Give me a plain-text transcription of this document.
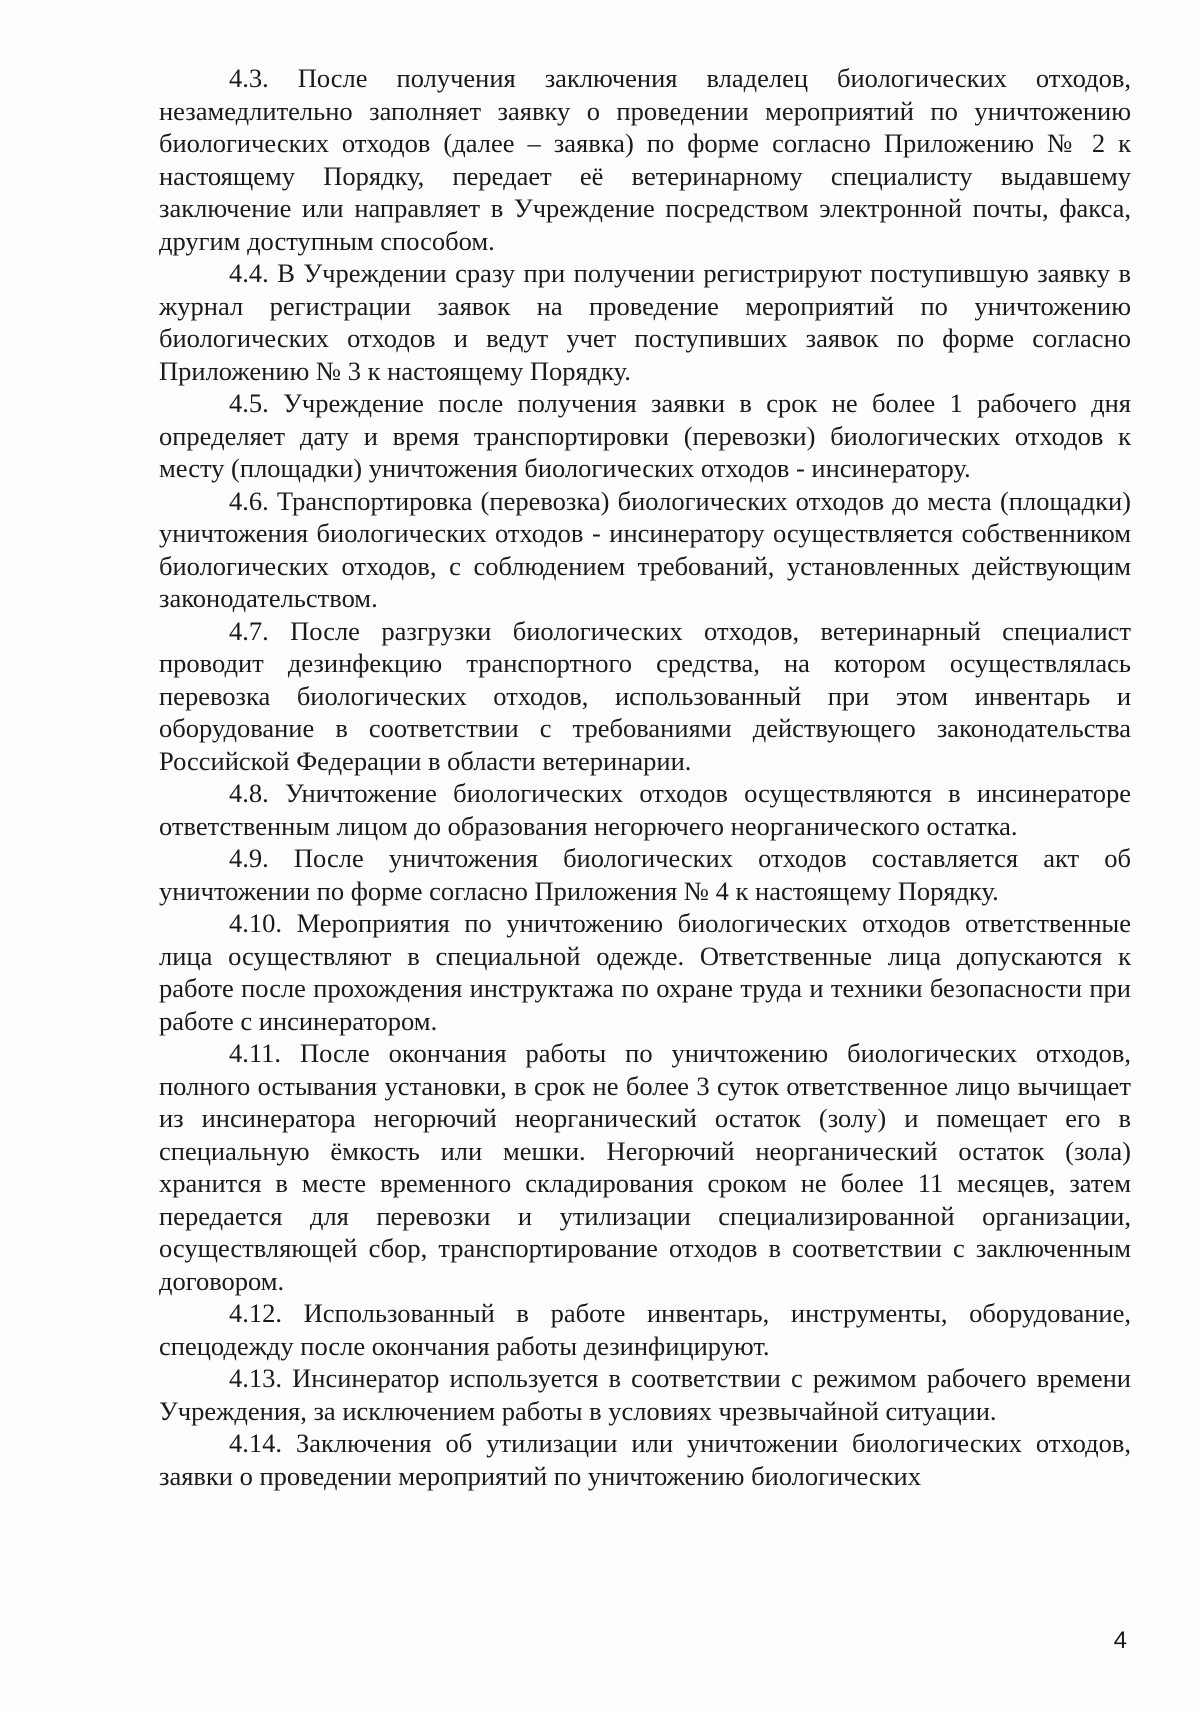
4.3. После получения заключения владелец биологических отходов, незамедлительно заполняет заявку о проведении мероприятий по уничтожению биологических отходов (далее – заявка) по форме согласно Приложению № 2 к настоящему Порядку, передает её ветеринарному специалисту выдавшему заключение или направляет в Учреждение посредством электронной почты, факса, другим доступным способом.

4.4. В Учреждении сразу при получении регистрируют поступившую заявку в журнал регистрации заявок на проведение мероприятий по уничтожению биологических отходов и ведут учет поступивших заявок по форме согласно Приложению № 3 к настоящему Порядку.

4.5. Учреждение после получения заявки в срок не более 1 рабочего дня определяет дату и время транспортировки (перевозки) биологических отходов к месту (площадки) уничтожения биологических отходов - инсинератору.

4.6. Транспортировка (перевозка) биологических отходов до места (площадки) уничтожения биологических отходов - инсинератору осуществляется собственником биологических отходов, с соблюдением требований, установленных действующим законодательством.

4.7. После разгрузки биологических отходов, ветеринарный специалист проводит дезинфекцию транспортного средства, на котором осуществлялась перевозка биологических отходов, использованный при этом инвентарь и оборудование в соответствии с требованиями действующего законодательства Российской Федерации в области ветеринарии.

4.8. Уничтожение биологических отходов осуществляются в инсинераторе ответственным лицом до образования негорючего неорганического остатка.

4.9. После уничтожения биологических отходов составляется акт об уничтожении по форме согласно Приложения № 4 к настоящему Порядку.

4.10. Мероприятия по уничтожению биологических отходов ответственные лица осуществляют в специальной одежде. Ответственные лица допускаются к работе после прохождения инструктажа по охране труда и техники безопасности при работе с инсинератором.

4.11. После окончания работы по уничтожению биологических отходов, полного остывания установки, в срок не более 3 суток ответственное лицо вычищает из инсинератора негорючий неорганический остаток (золу) и помещает его в специальную ёмкость или мешки. Негорючий неорганический остаток (зола) хранится в месте временного складирования сроком не более 11 месяцев, затем передается для перевозки и утилизации специализированной организации, осуществляющей сбор, транспортирование отходов в соответствии с заключенным договором.

4.12. Использованный в работе инвентарь, инструменты, оборудование, спецодежду после окончания работы дезинфицируют.

4.13. Инсинератор используется в соответствии с режимом рабочего времени Учреждения, за исключением работы в условиях чрезвычайной ситуации.

4.14. Заключения об утилизации или уничтожении биологических отходов, заявки о проведении мероприятий по уничтожению биологических

4
